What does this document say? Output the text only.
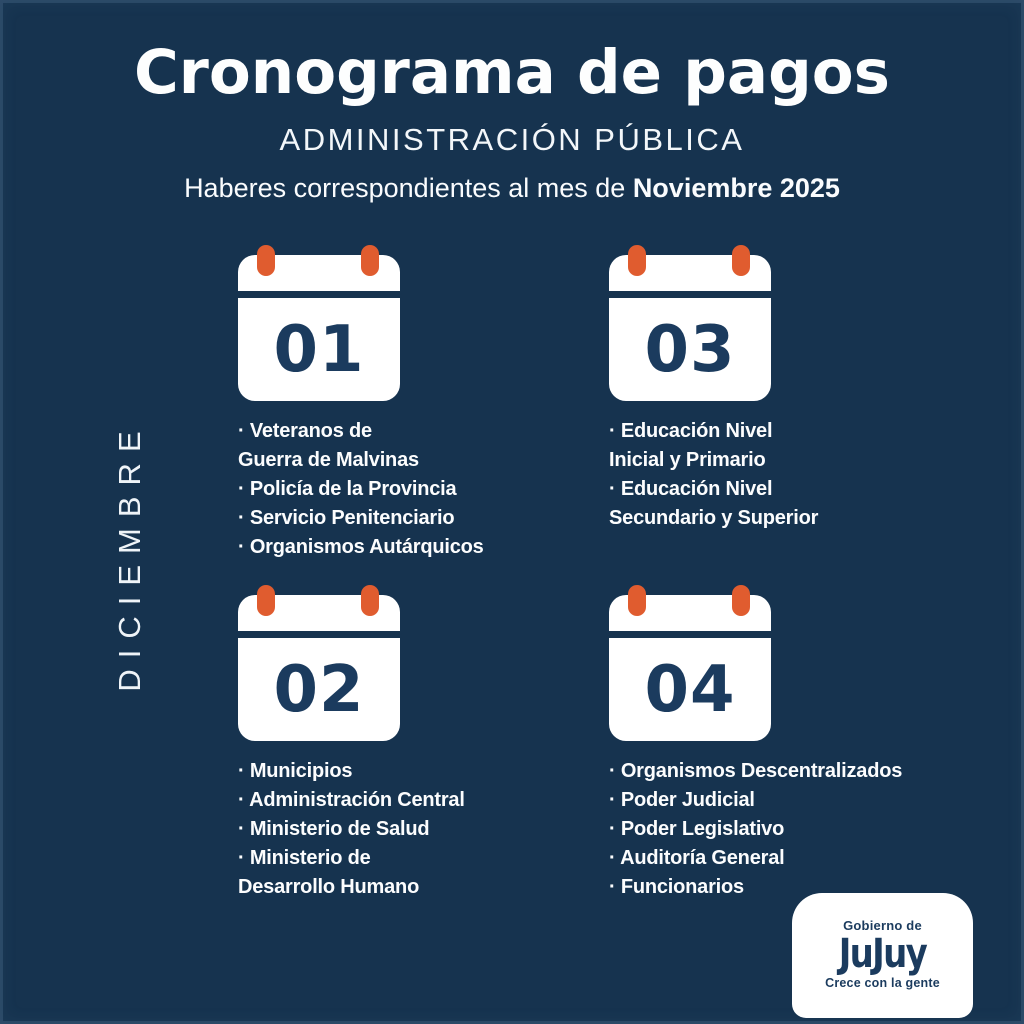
Cronograma de pagos
ADMINISTRACIÓN PÚBLICA
Haberes correspondientes al mes de Noviembre 2025
DICIEMBRE
01
· Veteranos de
Guerra de Malvinas
· Policía de la Provincia
· Servicio Penitenciario
· Organismos Autárquicos
03
· Educación Nivel
Inicial y Primario
· Educación Nivel
Secundario y Superior
02
· Municipios
· Administración Central
· Ministerio de Salud
· Ministerio de
Desarrollo Humano
04
· Organismos Descentralizados
· Poder Judicial
· Poder Legislativo
· Auditoría General
· Funcionarios
Gobierno de
JuJuy
Crece con la gente
